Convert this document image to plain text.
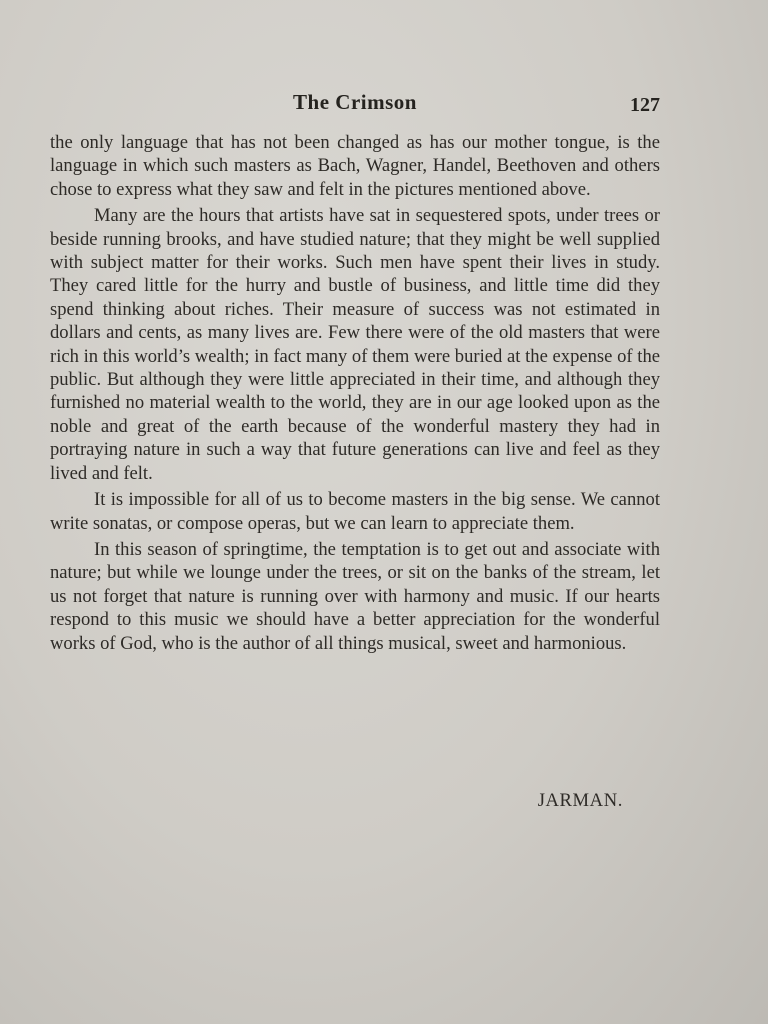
The Crimson	127

the only language that has not been changed as has our mother tongue, is the language in which such masters as Bach, Wagner, Handel, Beethoven and others chose to express what they saw and felt in the pictures mentioned above.

Many are the hours that artists have sat in sequestered spots, under trees or beside running brooks, and have studied nature; that they might be well supplied with subject matter for their works. Such men have spent their lives in study. They cared little for the hurry and bustle of business, and little time did they spend thinking about riches. Their measure of success was not estimated in dollars and cents, as many lives are. Few there were of the old masters that were rich in this world’s wealth; in fact many of them were buried at the expense of the public. But although they were little appreciated in their time, and although they furnished no material wealth to the world, they are in our age looked upon as the noble and great of the earth because of the wonderful mastery they had in portraying nature in such a way that future generations can live and feel as they lived and felt.

It is impossible for all of us to become masters in the big sense. We cannot write sonatas, or compose operas, but we can learn to appreciate them.

In this season of springtime, the temptation is to get out and associate with nature; but while we lounge under the trees, or sit on the banks of the stream, let us not forget that nature is running over with harmony and music. If our hearts respond to this music we should have a better appreciation for the wonderful works of God, who is the author of all things musical, sweet and harmonious.

JARMAN.
